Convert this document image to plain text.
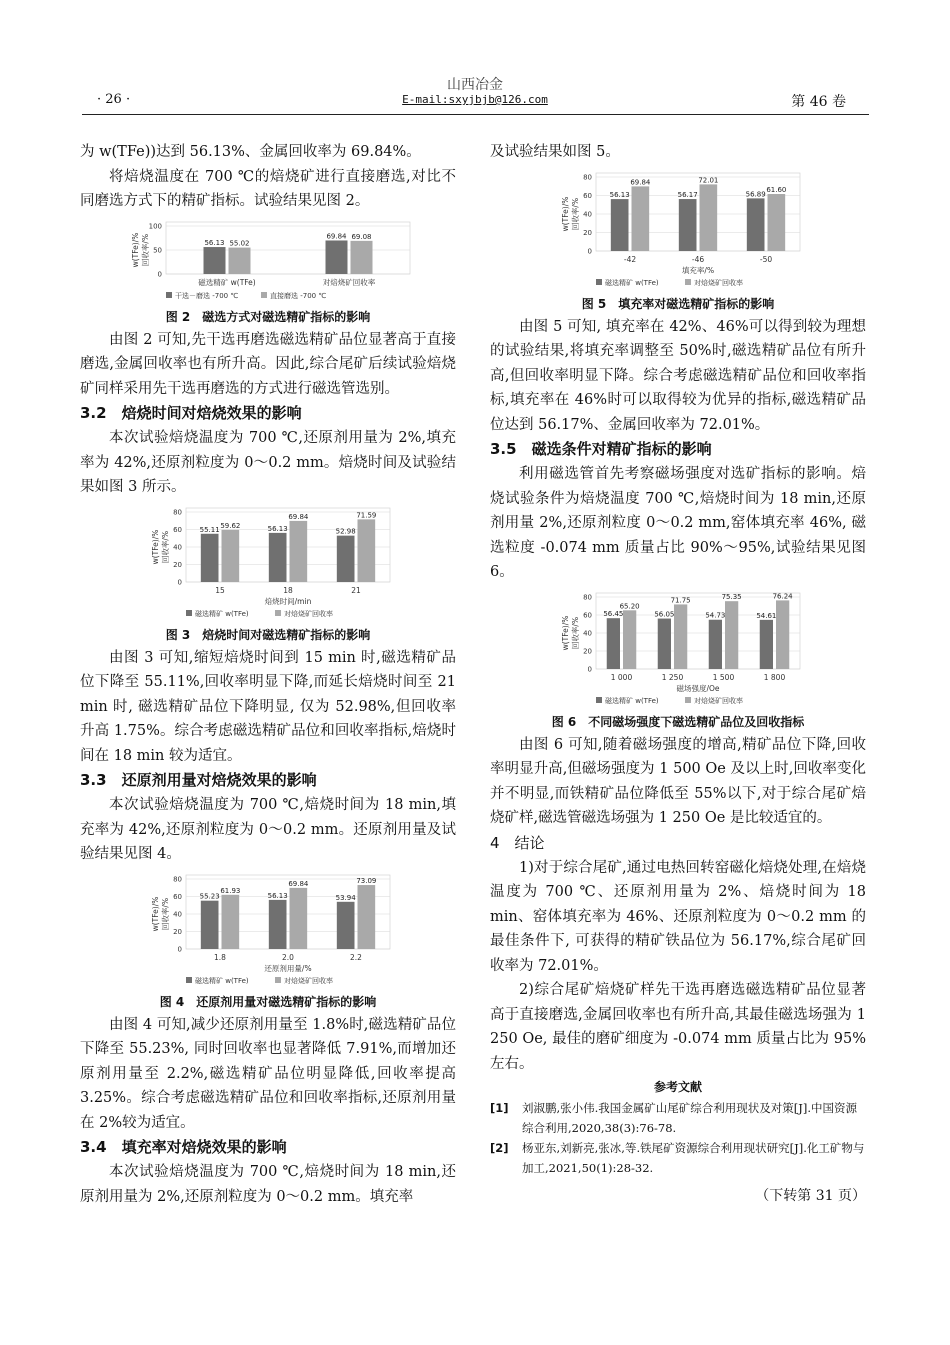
山西冶金
· 26 ·	E-mail:sxyjbjb@126.com	第 46 卷

为 w(TFe))达到 56.13%、金属回收率为 69.84%。

将焙烧温度在 700 ℃的焙烧矿进行直接磨选,对比不同磨选方式下的精矿指标。试验结果见图 2。

0
50
100
w(TFe)/% 回收率/%	56.13 55.02
磁选精矿 w(TFe)
69.84 69.08
对焙烧矿回收率
干选－磨选 -700 ℃	直接磨选 -700 ℃
图 2　磁选方式对磁选精矿指标的影响

由图 2 可知,先干选再磨选磁选精矿品位显著高于直接磨选,金属回收率也有所升高。因此,综合尾矿后续试验焙烧矿同样采用先干选再磨选的方式进行磁选管选别。

3.2　焙烧时间对焙烧效果的影响

本次试验焙烧温度为 700 ℃,还原剂用量为 2%,填充率为 42%,还原剂粒度为 0～0.2 mm。焙烧时间及试验结果如图 3 所示。

0
20
40
60
80
w(TFe)/% 回收率/%
55.11 59.62
15
56.13
69.84
18
52.98
71.59
21
焙烧时间/min
磁选精矿 w(TFe)	对焙烧矿回收率
图 3　焙烧时间对磁选精矿指标的影响

由图 3 可知,缩短焙烧时间到 15 min 时,磁选精矿品位下降至 55.11%,回收率明显下降,而延长焙烧时间至 21 min 时, 磁选精矿品位下降明显, 仅为 52.98%,但回收率升高 1.75%。综合考虑磁选精矿品位和回收率指标,焙烧时间在 18 min 较为适宜。

3.3　还原剂用量对焙烧效果的影响

本次试验焙烧温度为 700 ℃,焙烧时间为 18 min,填充率为 42%,还原剂粒度为 0～0.2 mm。还原剂用量及试验结果见图 4。

0
20
40
60
80
w(TFe)/% 回收率/%
55.23
61.93
1.8
56.13
69.84
2.0
53.94
73.09
2.2
还原剂用量/%
磁选精矿 w(TFe)	对焙烧矿回收率
图 4　还原剂用量对磁选精矿指标的影响

由图 4 可知,减少还原剂用量至 1.8%时,磁选精矿品位下降至 55.23%, 同时回收率也显著降低 7.91%,而增加还原剂用量至 2.2%,磁选精矿品位明显降低,回收率提高 3.25%。综合考虑磁选精矿品位和回收率指标,还原剂用量在 2%较为适宜。

3.4　填充率对焙烧效果的影响

本次试验焙烧温度为 700 ℃,焙烧时间为 18 min,还原剂用量为 2%,还原剂粒度为 0～0.2 mm。填充率

及试验结果如图 5。

0
20
40
60
80
w(TFe)/% 回收率/%
56.13
69.84
-42
56.17
72.01
-46
56.89
61.60
-50
填充率/%
磁选精矿 w(TFe)	对焙烧矿回收率
图 5　填充率对磁选精矿指标的影响

由图 5 可知, 填充率在 42%、46%可以得到较为理想的试验结果,将填充率调整至 50%时,磁选精矿品位有所升高,但回收率明显下降。综合考虑磁选精矿品位和回收率指标,填充率在 46%时可以取得较为优异的指标,磁选精矿品位达到 56.17%、金属回收率为 72.01%。

3.5　磁选条件对精矿指标的影响

利用磁选管首先考察磁场强度对选矿指标的影响。焙烧试验条件为焙烧温度 700 ℃,焙烧时间为 18 min,还原剂用量 2%,还原剂粒度 0～0.2 mm,窑体填充率 46%, 磁选粒度 -0.074 mm 质量占比 90%～95%,试验结果见图 6。

0
20
40
60
80
w(TFe)/% 回收率/%
56.45
65.20
1 000
56.05
71.75
1 250
54.73
75.35
1 500
54.61
76.24
1 800
磁场强度/Oe
磁选精矿 w(TFe)	对焙烧矿回收率
图 6　不同磁场强度下磁选精矿品位及回收指标

由图 6 可知,随着磁场强度的增高,精矿品位下降,回收率明显升高,但磁场强度为 1 500 Oe 及以上时,回收率变化并不明显,而铁精矿品位降低至 55%以下,对于综合尾矿焙烧矿样,磁选管磁选场强为 1 250 Oe 是比较适宜的。

4　结论

1)对于综合尾矿,通过电热回转窑磁化焙烧处理,在焙烧温度为 700 ℃、还原剂用量为 2%、焙烧时间为 18 min、窑体填充率为 46%、还原剂粒度为 0～0.2 mm 的最佳条件下, 可获得的精矿铁品位为 56.17%,综合尾矿回收率为 72.01%。

2)综合尾矿焙烧矿样先干选再磨选磁选精矿品位显著高于直接磨选,金属回收率也有所升高,其最佳磁选场强为 1 250 Oe, 最佳的磨矿细度为 -0.074 mm 质量占比为 95%左右。

参考文献
[1]	刘淑鹏,张小伟.我国金属矿山尾矿综合利用现状及对策[J].中国资源综合利用,2020,38(3):76-78.
[2]	杨亚东,刘新亮,张冰,等.铁尾矿资源综合利用现状研究[J].化工矿物与加工,2021,50(1):28-32.
（下转第 31 页）
